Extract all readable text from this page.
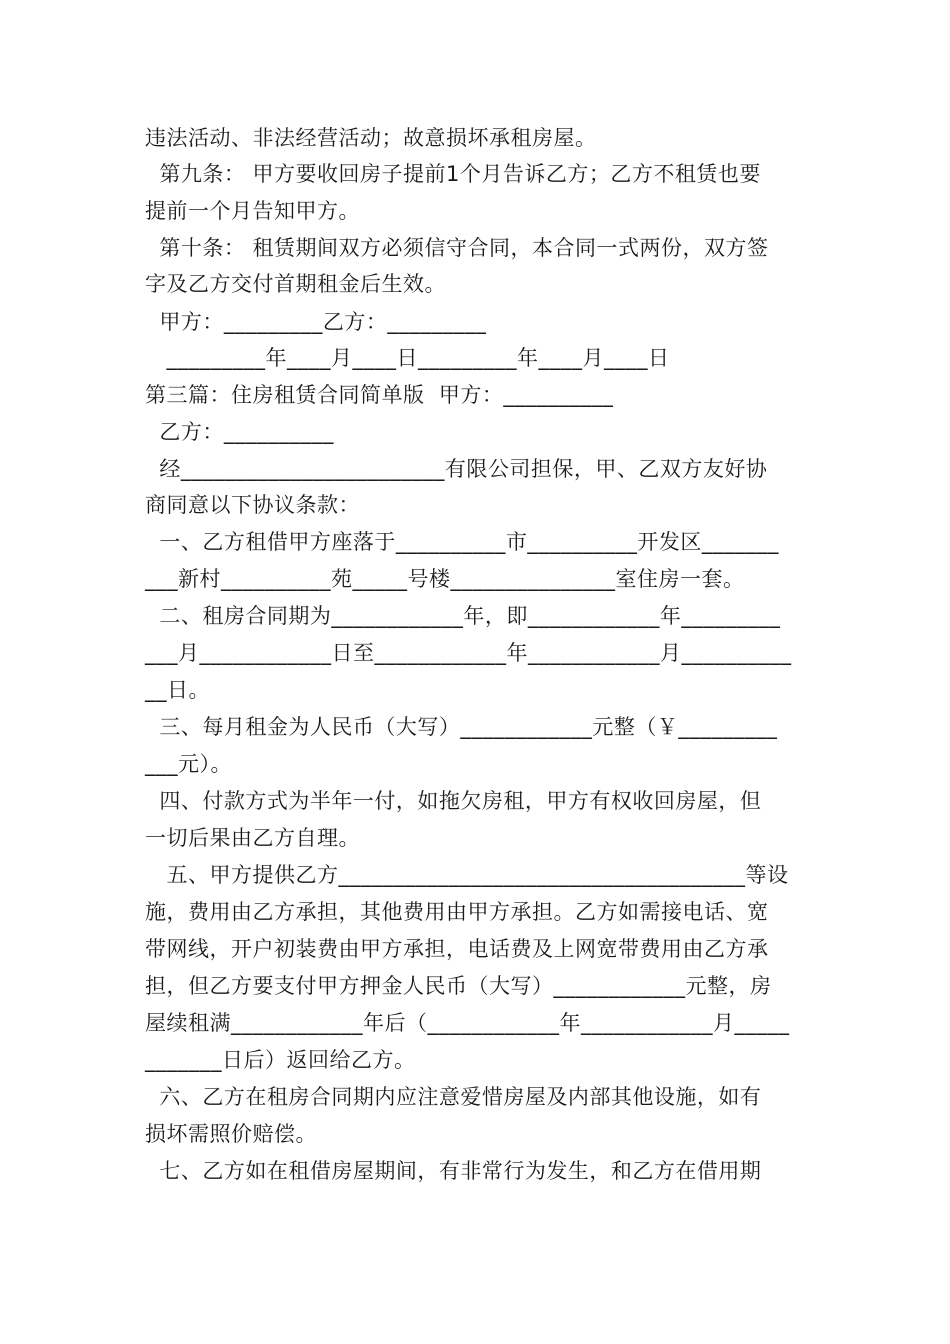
违法活动、非法经营活动；故意损坏承租房屋。
第九条： 甲方要收回房子提前1个月告诉乙方；乙方不租赁也要
提前一个月告知甲方。
第十条： 租赁期间双方必须信守合同，本合同一式两份，双方签
字及乙方交付首期租金后生效。
甲方：_________乙方：_________
_________年____月____日_________年____月____日
第三篇：住房租赁合同简单版  甲方：__________
乙方：__________
经________________________有限公司担保，甲、乙双方友好协
商同意以下协议条款：
一、乙方租借甲方座落于__________市__________开发区_______
___新村__________苑_____号楼_______________室住房一套。
二、租房合同期为____________年，即____________年_________
___月____________日至____________年____________月__________
__日。
三、每月租金为人民币（大写）____________元整（￥_________
___元）。
四、付款方式为半年一付，如拖欠房租，甲方有权收回房屋，但
一切后果由乙方自理。
五、甲方提供乙方_____________________________________等设
施，费用由乙方承担，其他费用由甲方承担。乙方如需接电话、宽
带网线，开户初装费由甲方承担，电话费及上网宽带费用由乙方承
担，但乙方要支付甲方押金人民币（大写）____________元整，房
屋续租满____________年后（____________年____________月_____
_______日后）返回给乙方。
六、乙方在租房合同期内应注意爱惜房屋及内部其他设施，如有
损坏需照价赔偿。
七、乙方如在租借房屋期间，有非常行为发生，和乙方在借用期
